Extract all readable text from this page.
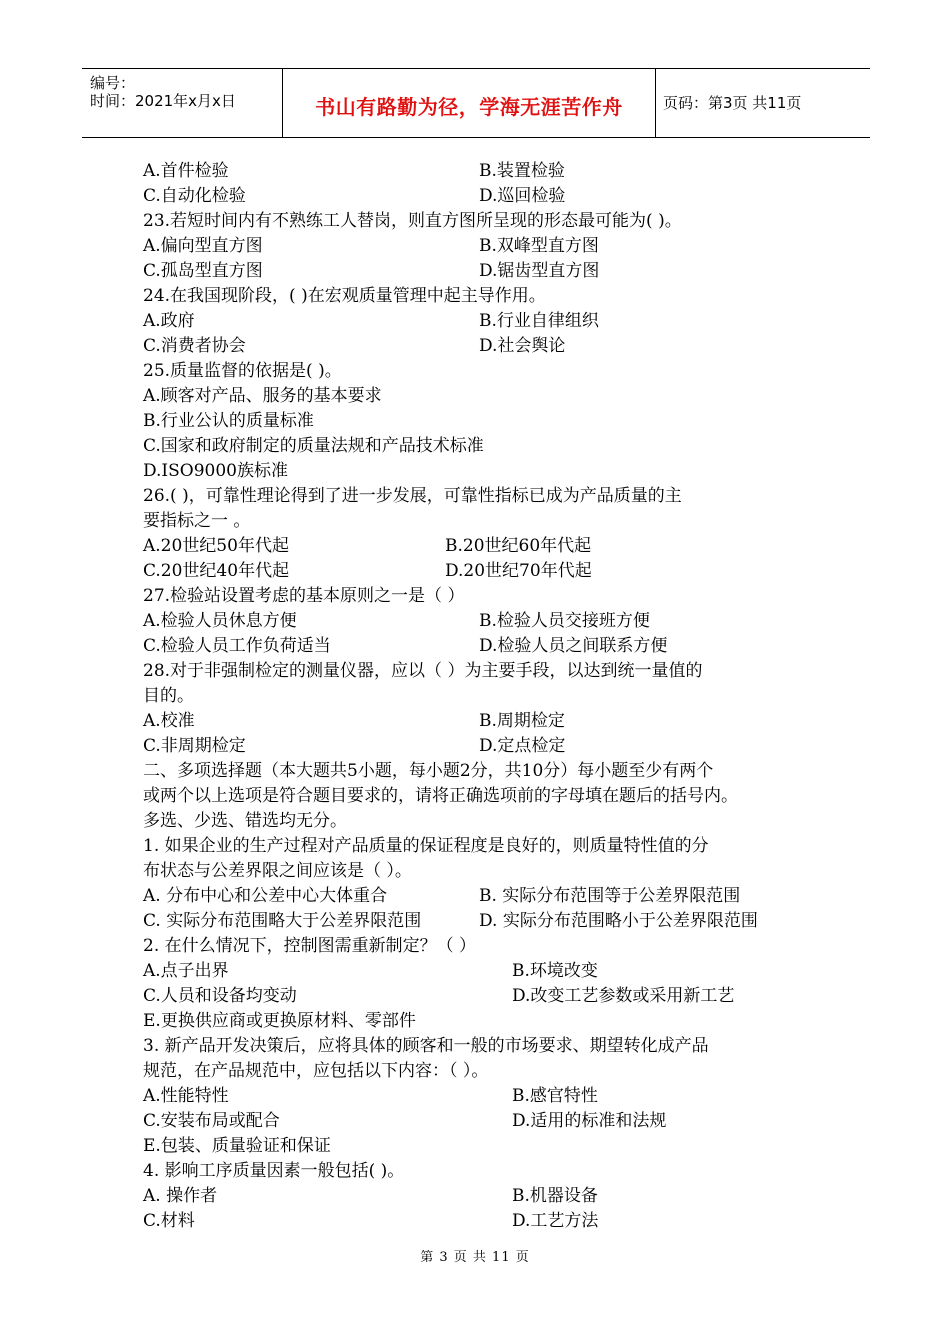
编号：
时间：2021年x月x日	书山有路勤为径，学海无涯苦作舟	页码：第3页 共11页
A.首件检验	B.装置检验
C.自动化检验	D.巡回检验
23.若短时间内有不熟练工人替岗，则直方图所呈现的形态最可能为( )。
A.偏向型直方图	B.双峰型直方图
C.孤岛型直方图	D.锯齿型直方图
24.在我国现阶段，( )在宏观质量管理中起主导作用。
A.政府	B.行业自律组织
C.消费者协会	D.社会舆论
25.质量监督的依据是( )。
A.顾客对产品、服务的基本要求
B.行业公认的质量标准
C.国家和政府制定的质量法规和产品技术标准
D.ISO9000族标准
26.( )，可靠性理论得到了进一步发展，可靠性指标已成为产品质量的主
要指标之一 。
A.20世纪50年代起	B.20世纪60年代起
C.20世纪40年代起	D.20世纪70年代起
27.检验站设置考虑的基本原则之一是（ ）
A.检验人员休息方便	B.检验人员交接班方便
C.检验人员工作负荷适当	D.检验人员之间联系方便
28.对于非强制检定的测量仪器，应以（ ）为主要手段，以达到统一量值的
目的。
A.校准	B.周期检定
C.非周期检定	D.定点检定
二、多项选择题（本大题共5小题，每小题2分，共10分）每小题至少有两个
或两个以上选项是符合题目要求的，请将正确选项前的字母填在题后的括号内。
多选、少选、错选均无分。
1. 如果企业的生产过程对产品质量的保证程度是良好的，则质量特性值的分
布状态与公差界限之间应该是（ ）。
A. 分布中心和公差中心大体重合	B. 实际分布范围等于公差界限范围
C. 实际分布范围略大于公差界限范围	D. 实际分布范围略小于公差界限范围
2. 在什么情况下，控制图需重新制定？（ ）
A.点子出界	B.环境改变
C.人员和设备均变动	D.改变工艺参数或采用新工艺
E.更换供应商或更换原材料、零部件
3. 新产品开发决策后，应将具体的顾客和一般的市场要求、期望转化成产品
规范，在产品规范中，应包括以下内容：（ ）。
A.性能特性	B.感官特性
C.安装布局或配合	D.适用的标准和法规
E.包装、质量验证和保证
4. 影响工序质量因素一般包括( )。
A. 操作者	B.机器设备
C.材料	D.工艺方法
第 3 页 共 11 页
